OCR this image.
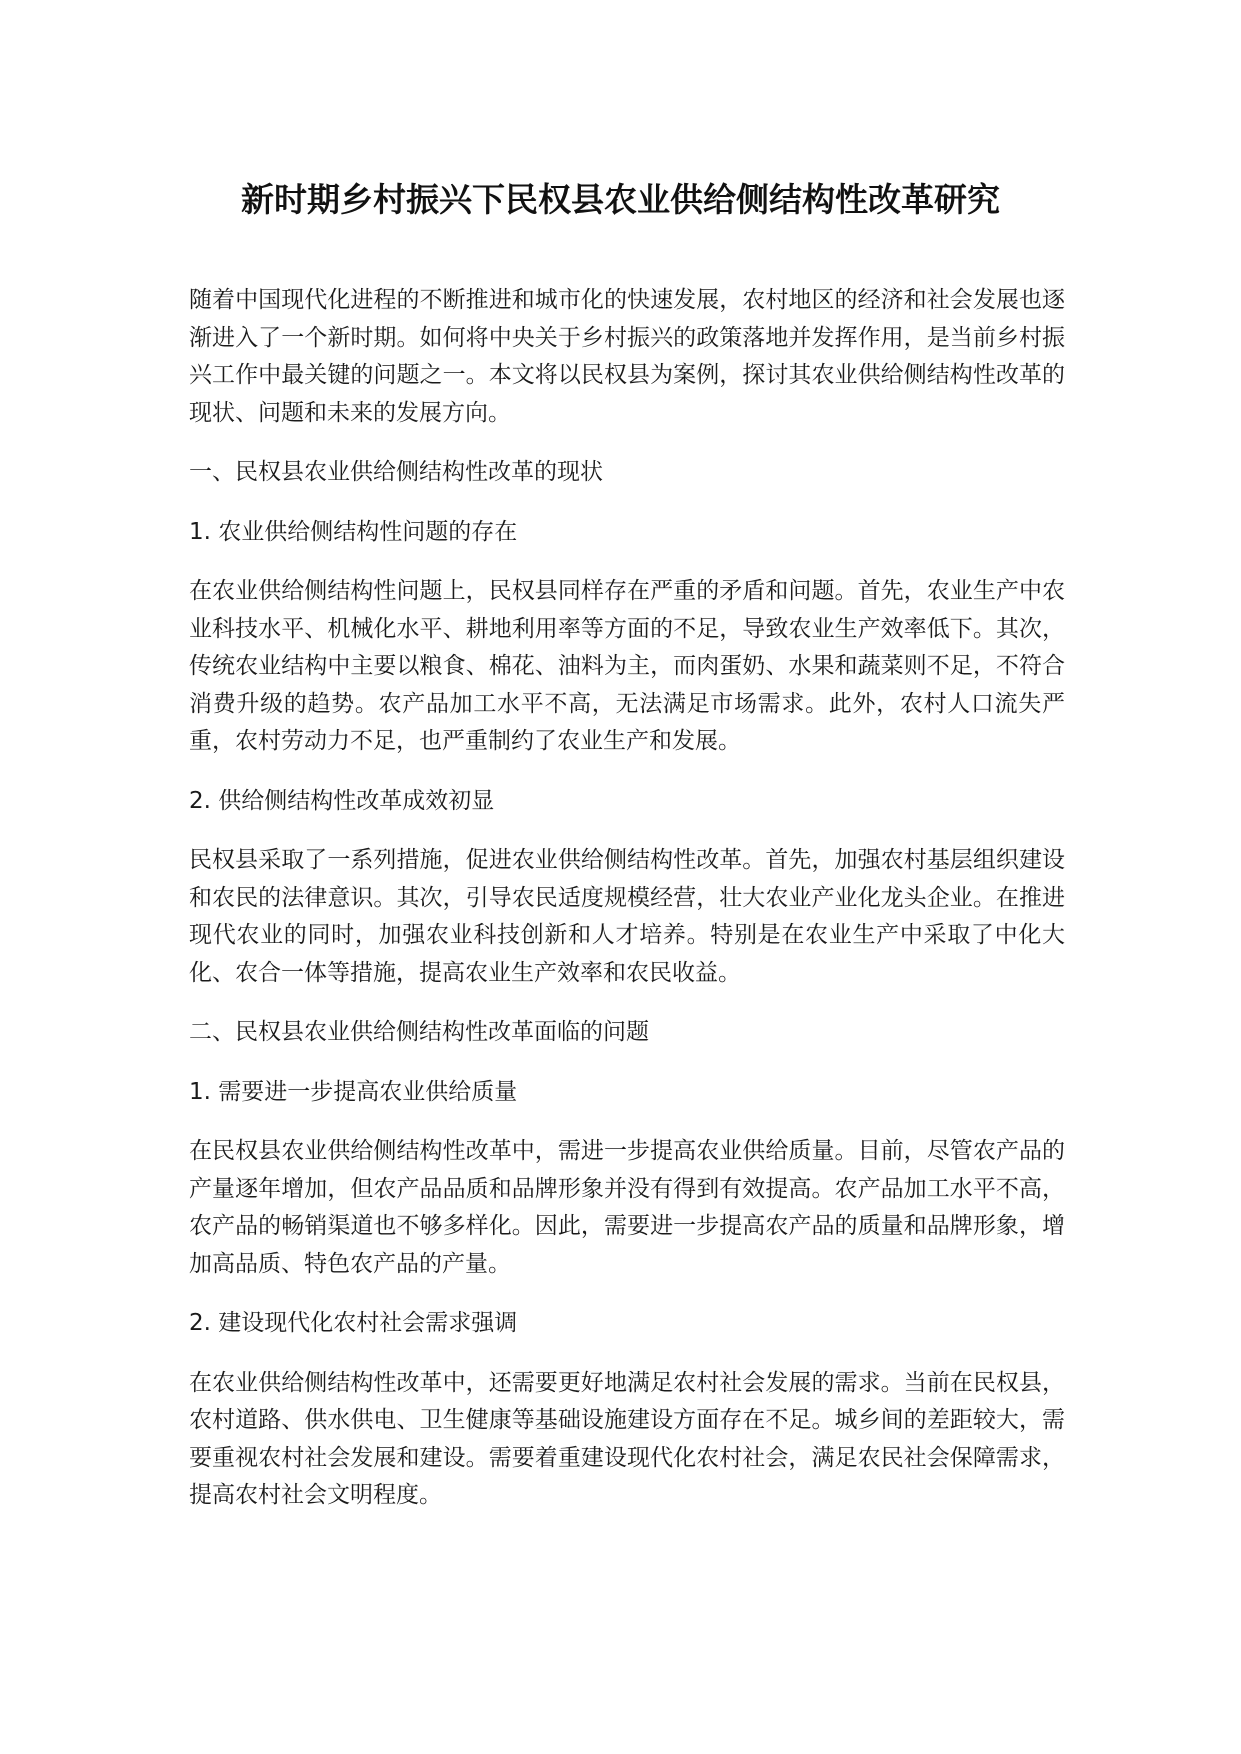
新时期乡村振兴下民权县农业供给侧结构性改革研究

随着中国现代化进程的不断推进和城市化的快速发展，农村地区的经济和社会发展也逐渐进入了一个新时期。如何将中央关于乡村振兴的政策落地并发挥作用，是当前乡村振兴工作中最关键的问题之一。本文将以民权县为案例，探讨其农业供给侧结构性改革的现状、问题和未来的发展方向。

一、民权县农业供给侧结构性改革的现状

1. 农业供给侧结构性问题的存在

在农业供给侧结构性问题上，民权县同样存在严重的矛盾和问题。首先，农业生产中农业科技水平、机械化水平、耕地利用率等方面的不足，导致农业生产效率低下。其次，传统农业结构中主要以粮食、棉花、油料为主，而肉蛋奶、水果和蔬菜则不足，不符合消费升级的趋势。农产品加工水平不高，无法满足市场需求。此外，农村人口流失严重，农村劳动力不足，也严重制约了农业生产和发展。

2. 供给侧结构性改革成效初显

民权县采取了一系列措施，促进农业供给侧结构性改革。首先，加强农村基层组织建设和农民的法律意识。其次，引导农民适度规模经营，壮大农业产业化龙头企业。在推进现代农业的同时，加强农业科技创新和人才培养。特别是在农业生产中采取了中化大化、农合一体等措施，提高农业生产效率和农民收益。

二、民权县农业供给侧结构性改革面临的问题

1. 需要进一步提高农业供给质量

在民权县农业供给侧结构性改革中，需进一步提高农业供给质量。目前，尽管农产品的产量逐年增加，但农产品品质和品牌形象并没有得到有效提高。农产品加工水平不高，农产品的畅销渠道也不够多样化。因此，需要进一步提高农产品的质量和品牌形象，增加高品质、特色农产品的产量。

2. 建设现代化农村社会需求强调

在农业供给侧结构性改革中，还需要更好地满足农村社会发展的需求。当前在民权县，农村道路、供水供电、卫生健康等基础设施建设方面存在不足。城乡间的差距较大，需要重视农村社会发展和建设。需要着重建设现代化农村社会，满足农民社会保障需求，提高农村社会文明程度。
